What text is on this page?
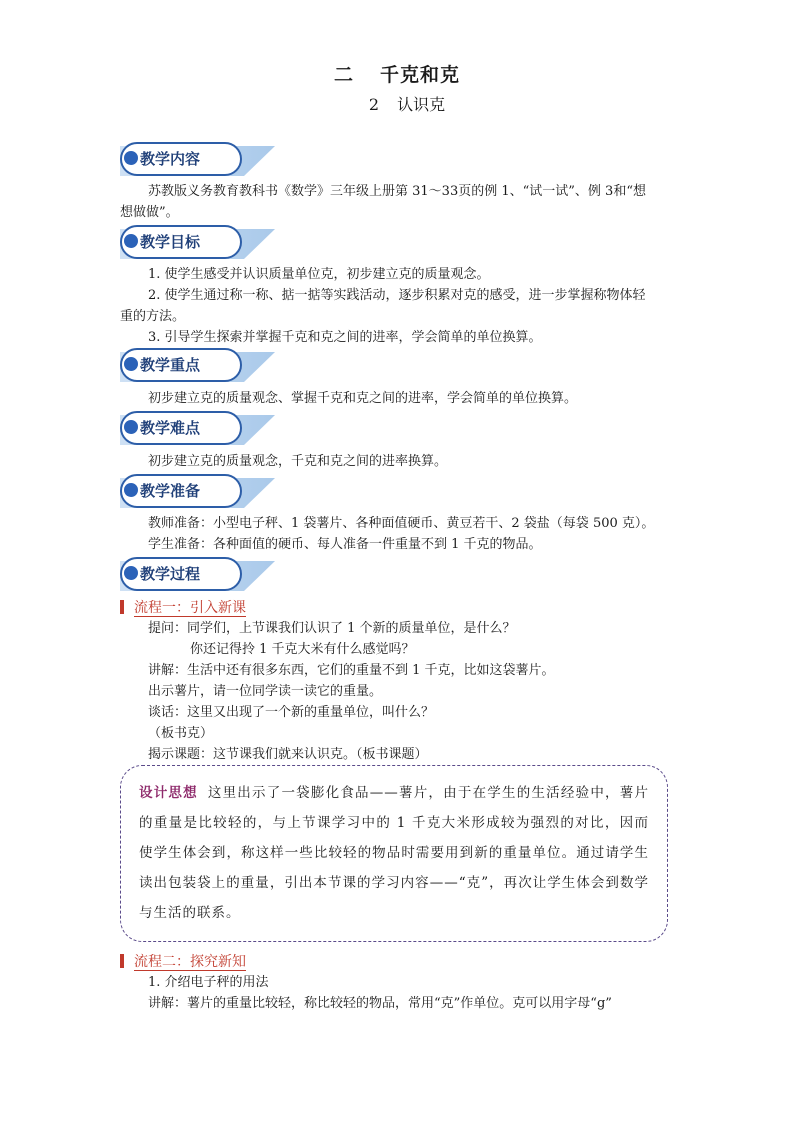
二 千克和克
2 认识克
教学内容
苏教版义务教育教科书《数学》三年级上册第 31～33页的例 1、“试一试”、例 3和“想
想做做”。
教学目标
1. 使学生感受并认识质量单位克，初步建立克的质量观念。
2. 使学生通过称一称、掂一掂等实践活动，逐步积累对克的感受，进一步掌握称物体轻
重的方法。
3. 引导学生探索并掌握千克和克之间的进率，学会简单的单位换算。
教学重点
初步建立克的质量观念、掌握千克和克之间的进率，学会简单的单位换算。
教学难点
初步建立克的质量观念，千克和克之间的进率换算。
教学准备
教师准备：小型电子秤、1 袋薯片、各种面值硬币、黄豆若干、2 袋盐（每袋 500 克）。
学生准备：各种面值的硬币、每人准备一件重量不到 1 千克的物品。
教学过程
流程一：引入新课
提问：同学们，上节课我们认识了 1 个新的质量单位，是什么？
你还记得拎 1 千克大米有什么感觉吗？
讲解：生活中还有很多东西，它们的重量不到 1 千克，比如这袋薯片。
出示薯片，请一位同学读一读它的重量。
谈话：这里又出现了一个新的重量单位，叫什么？
（板书克）
揭示课题：这节课我们就来认识克。（板书课题）
设计思想 这里出示了一袋膨化食品——薯片，由于在学生的生活经验中，薯片的重量是比较轻的，与上节课学习中的 1 千克大米形成较为强烈的对比，因而使学生体会到，称这样一些比较轻的物品时需要用到新的重量单位。通过请学生读出包装袋上的重量，引出本节课的学习内容——“克”，再次让学生体会到数学与生活的联系。
流程二：探究新知
1. 介绍电子秤的用法
讲解：薯片的重量比较轻，称比较轻的物品，常用“克”作单位。克可以用字母“g”
